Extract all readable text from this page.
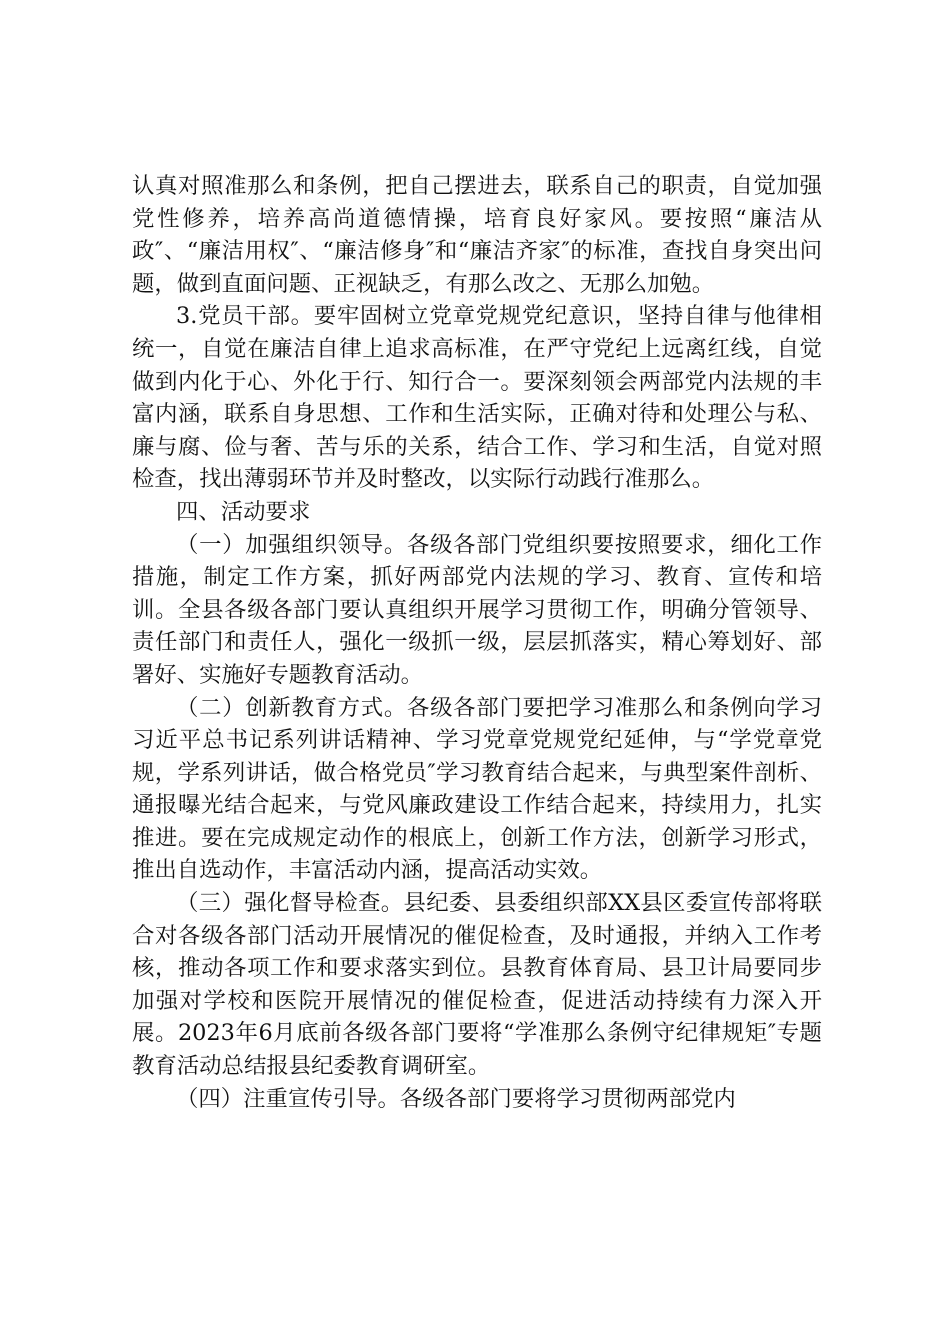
认真对照准那么和条例，把自己摆进去，联系自己的职责，自觉加强党性修养，培养高尚道德情操，培育良好家风。要按照“廉洁从政″、“廉洁用权″、“廉洁修身″和“廉洁齐家″的标准，查找自身突出问题，做到直面问题、正视缺乏，有那么改之、无那么加勉。

3.党员干部。要牢固树立党章党规党纪意识，坚持自律与他律相统一，自觉在廉洁自律上追求高标准，在严守党纪上远离红线，自觉做到内化于心、外化于行、知行合一。要深刻领会两部党内法规的丰富内涵，联系自身思想、工作和生活实际，正确对待和处理公与私、廉与腐、俭与奢、苦与乐的关系，结合工作、学习和生活，自觉对照检查，找出薄弱环节并及时整改，以实际行动践行准那么。

四、活动要求

（一）加强组织领导。各级各部门党组织要按照要求，细化工作措施，制定工作方案，抓好两部党内法规的学习、教育、宣传和培训。全县各级各部门要认真组织开展学习贯彻工作，明确分管领导、责任部门和责任人，强化一级抓一级，层层抓落实，精心筹划好、部署好、实施好专题教育活动。

（二）创新教育方式。各级各部门要把学习准那么和条例向学习习近平总书记系列讲话精神、学习党章党规党纪延伸，与“学党章党规，学系列讲话，做合格党员″学习教育结合起来，与典型案件剖析、通报曝光结合起来，与党风廉政建设工作结合起来，持续用力，扎实推进。要在完成规定动作的根底上，创新工作方法，创新学习形式，推出自选动作，丰富活动内涵，提高活动实效。

（三）强化督导检查。县纪委、县委组织部XX县区委宣传部将联合对各级各部门活动开展情况的催促检查，及时通报，并纳入工作考核，推动各项工作和要求落实到位。县教育体育局、县卫计局要同步加强对学校和医院开展情况的催促检查，促进活动持续有力深入开展。2023年6月底前各级各部门要将“学准那么条例守纪律规矩″专题教育活动总结报县纪委教育调研室。

（四）注重宣传引导。各级各部门要将学习贯彻两部党内
